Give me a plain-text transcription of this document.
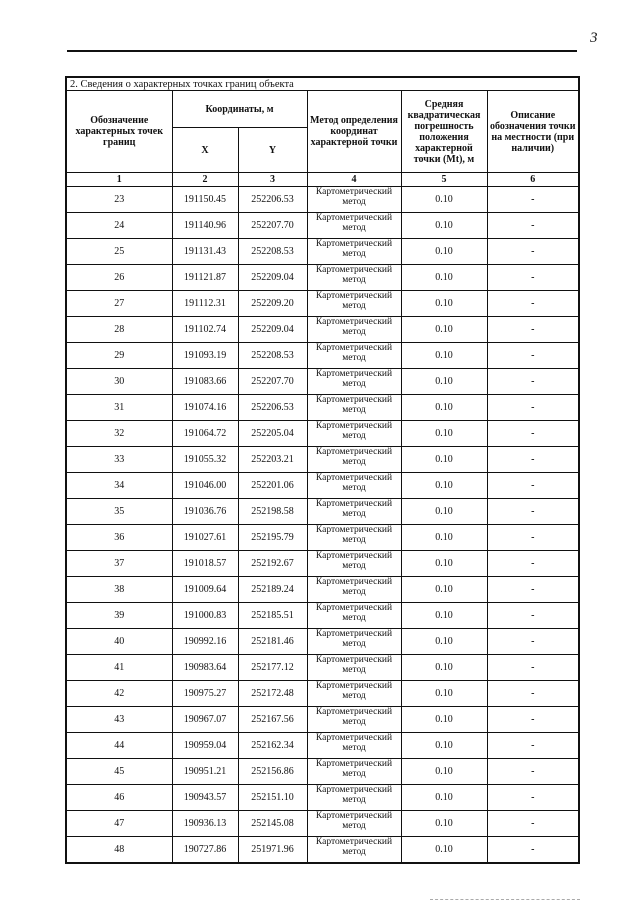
3
2. Сведения о характерных точках границ объекта					
Обозначение характерных точек границ	Координаты, м		Метод определения координат характерной точки	Средняя квадратическая погрешность положения характерной точки (Mt), м	Описание обозначения точки на местности (при наличии)
	X	Y			
1	2	3	4	5	6
23	191150.45	252206.53	Картометрический метод	0.10	-
24	191140.96	252207.70	Картометрический метод	0.10	-
25	191131.43	252208.53	Картометрический метод	0.10	-
26	191121.87	252209.04	Картометрический метод	0.10	-
27	191112.31	252209.20	Картометрический метод	0.10	-
28	191102.74	252209.04	Картометрический метод	0.10	-
29	191093.19	252208.53	Картометрический метод	0.10	-
30	191083.66	252207.70	Картометрический метод	0.10	-
31	191074.16	252206.53	Картометрический метод	0.10	-
32	191064.72	252205.04	Картометрический метод	0.10	-
33	191055.32	252203.21	Картометрический метод	0.10	-
34	191046.00	252201.06	Картометрический метод	0.10	-
35	191036.76	252198.58	Картометрический метод	0.10	-
36	191027.61	252195.79	Картометрический метод	0.10	-
37	191018.57	252192.67	Картометрический метод	0.10	-
38	191009.64	252189.24	Картометрический метод	0.10	-
39	191000.83	252185.51	Картометрический метод	0.10	-
40	190992.16	252181.46	Картометрический метод	0.10	-
41	190983.64	252177.12	Картометрический метод	0.10	-
42	190975.27	252172.48	Картометрический метод	0.10	-
43	190967.07	252167.56	Картометрический метод	0.10	-
44	190959.04	252162.34	Картометрический метод	0.10	-
45	190951.21	252156.86	Картометрический метод	0.10	-
46	190943.57	252151.10	Картометрический метод	0.10	-
47	190936.13	252145.08	Картометрический метод	0.10	-
48	190727.86	251971.96	Картометрический метод	0.10	-
